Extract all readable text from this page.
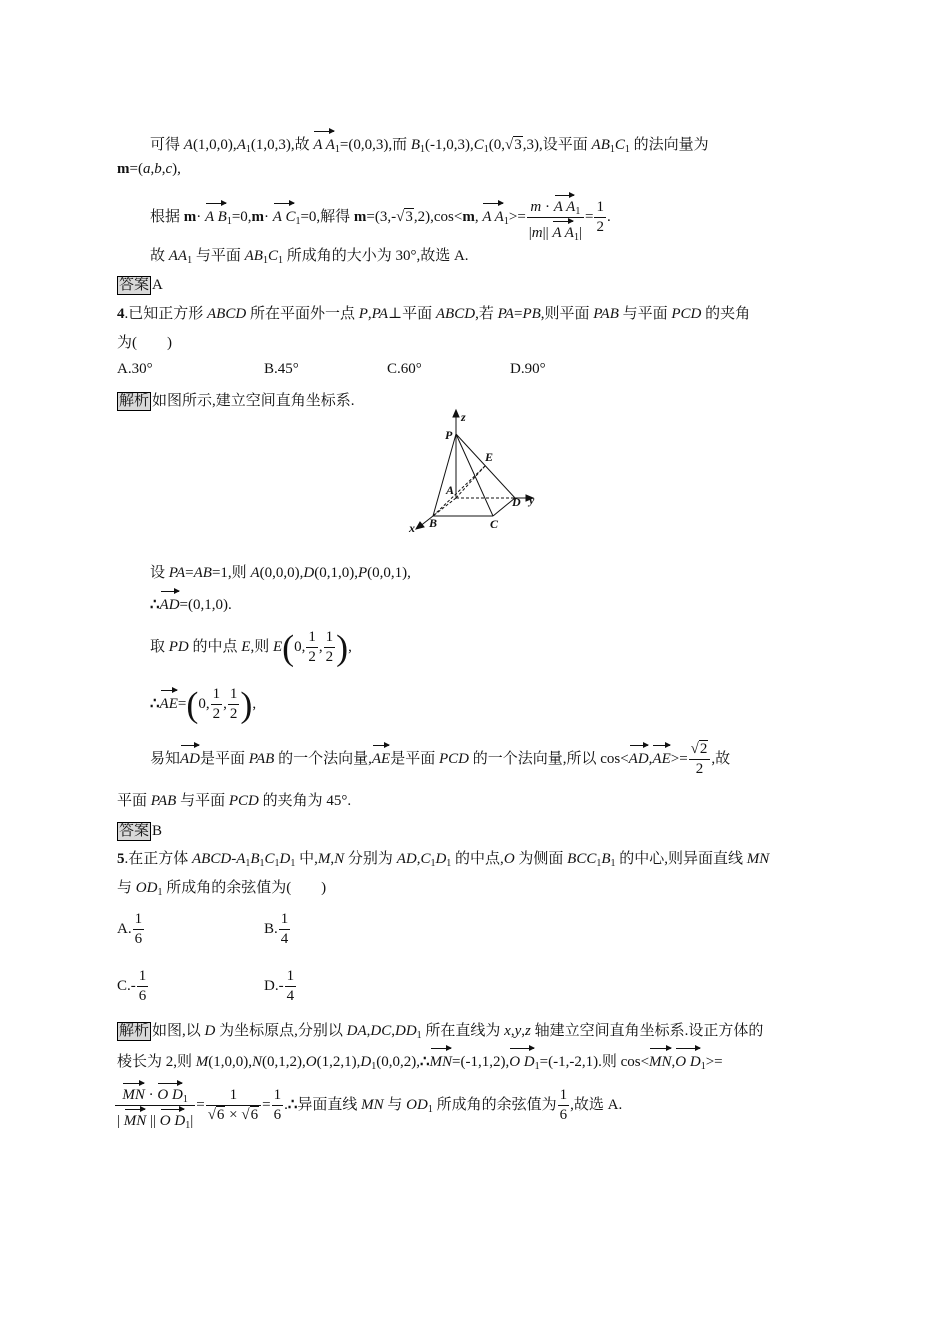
可得 $A(1,0,0),A_1(1,0,3)$,故 A $A_1=(0,0,3)$,而 $B_1(-1,0,3),C_1(0,√3,3)$,设平面 $AB_1C_1$ 的法向量为
m=(a,b,c),
根据 m· A $B_1=0,m\cdot A$ $C_1=0$,解得 m=(3,-√3,2),cos<m, A $A_1>= \frac{m \cdot A A_1}{|m|| A A_1|} = \frac{1}{2}$ .
故 $AA_1$ 与平面 $AB_1C_1$ 所成角的大小为 30°,故选 A.
答案 A
4.已知正方形 ABCD 所在平面外一点 P,PA⊥平面 ABCD,若 PA=PB,则平面 PAB 与平面 PCD 的夹角
为(　　)
A.30°	B.45°	C.60°	D.90°
解析 如图所示,建立空间直角坐标系.
z
y
x
P
E
A
D
B	C
设 PA=AB=1,则 A(0,0,0),D(0,1,0),P(0,0,1),
∴AD=(0,1,0).
取 PD 的中点 E,则 E(0, $\frac{1}{2}$ , $\frac{1}{2}$ ),
∴AE=(0, $\frac{1}{2}$ , $\frac{1}{2}$ ),
易知AD是平面 PAB 的一个法向量,AE是平面 PCD 的一个法向量,所以 $\cos<AD,AE>= \frac{√2}{2}$ ,故
平面 PAB 与平面 PCD 的夹角为 45°.
答案 B
5.在正方体 ABCD-$A_1B_1C_1D_1$ 中,M,N 分别为 $AD,C_1D_1$ 的中点,O 为侧面 $BCC_1B_1$ 的中心,则异面直线 MN
与 $OD_1$ 所成角的余弦值为(　　)
A. $\frac{1}{6}$	B. $\frac{1}{4}$
$C.- \frac{1}{6}$	$D.- \frac{1}{4}$
解析 如图,以 D 为坐标原点,分别以 $DA,DC,DD_1$ 所在直线为 x,y,z 轴建立空间直角坐标系.设正方体的
棱长为 2,则 $M(1,0,0),N(0,1,2),O(1,2,1),D_1(0,0,2),\therefore MN=(-1,1,2),O$ $D_1=(-1,-2,1)$.则 cos<MN,O $D_1>=$
$\frac{MN \cdot O D_1}{| MN || O D_1|} = \frac{1}{√6 \times √6} = \frac{1}{6}$ .∴异面直线 MN 与 $OD_1$ 所成角的余弦值为 $\frac{1}{6}$ ,故选 A.
